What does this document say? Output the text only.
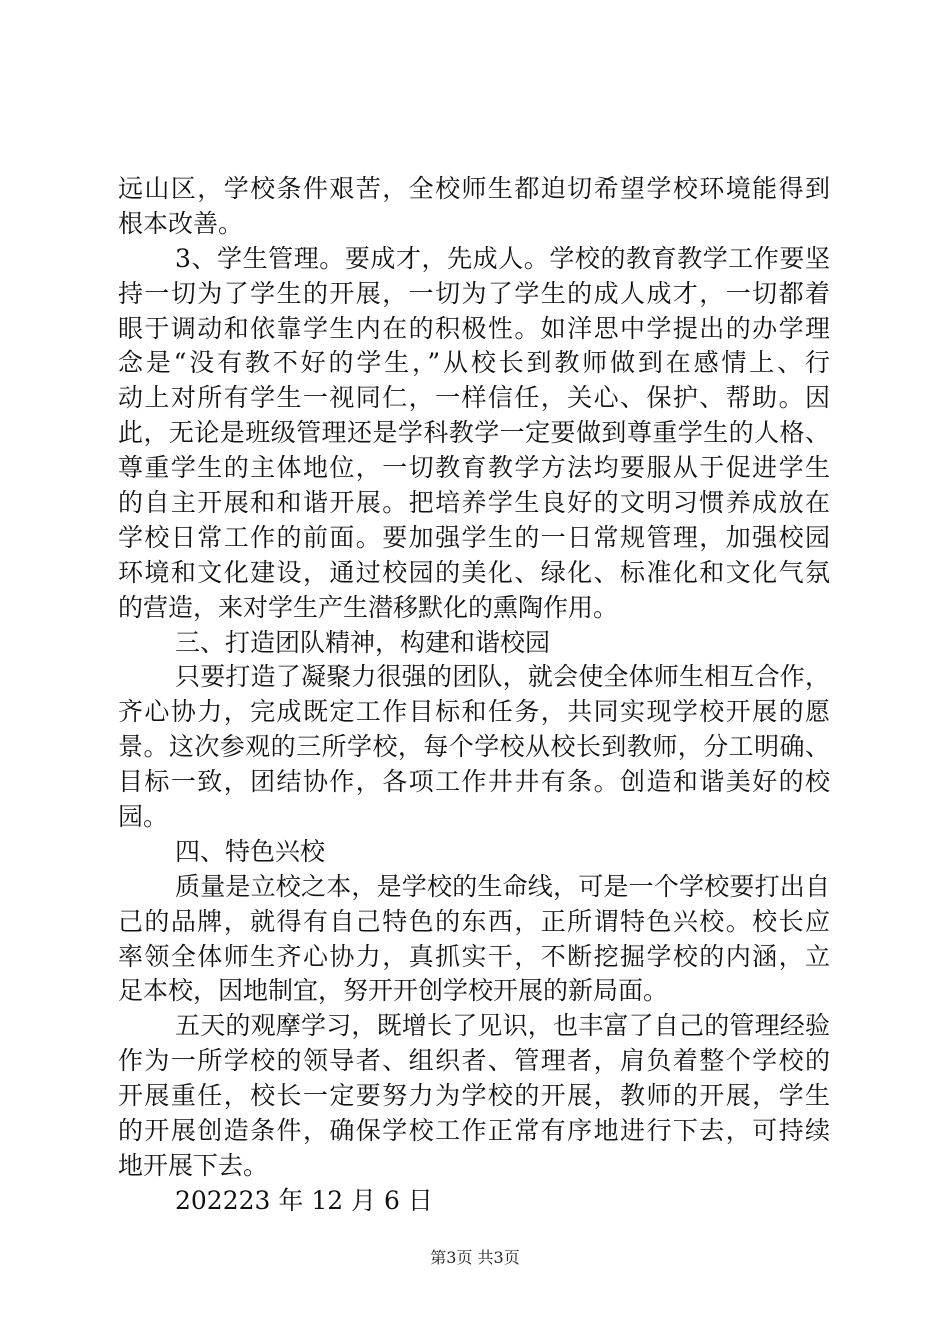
远山区，学校条件艰苦，全校师生都迫切希望学校环境能得到
根本改善。
3、学生管理。要成才，先成人。学校的教育教学工作要坚
持一切为了学生的开展，一切为了学生的成人成才，一切都着
眼于调动和依靠学生内在的积极性。如洋思中学提出的办学理
念是“没有教不好的学生，”从校长到教师做到在感情上、行
动上对所有学生一视同仁，一样信任，关心、保护、帮助。因
此，无论是班级管理还是学科教学一定要做到尊重学生的人格、
尊重学生的主体地位，一切教育教学方法均要服从于促进学生
的自主开展和和谐开展。把培养学生良好的文明习惯养成放在
学校日常工作的前面。要加强学生的一日常规管理，加强校园
环境和文化建设，通过校园的美化、绿化、标准化和文化气氛
的营造，来对学生产生潜移默化的熏陶作用。
三、打造团队精神，构建和谐校园
只要打造了凝聚力很强的团队，就会使全体师生相互合作，
齐心协力，完成既定工作目标和任务，共同实现学校开展的愿
景。这次参观的三所学校，每个学校从校长到教师，分工明确、
目标一致，团结协作，各项工作井井有条。创造和谐美好的校
园。
四、特色兴校
质量是立校之本，是学校的生命线，可是一个学校要打出自
己的品牌，就得有自己特色的东西，正所谓特色兴校。校长应
率领全体师生齐心协力，真抓实干，不断挖掘学校的内涵，立
足本校，因地制宜，努开开创学校开展的新局面。
五天的观摩学习，既增长了见识，也丰富了自己的管理经验
作为一所学校的领导者、组织者、管理者，肩负着整个学校的
开展重任，校长一定要努力为学校的开展，教师的开展，学生
的开展创造条件，确保学校工作正常有序地进行下去，可持续
地开展下去。
202223 年 12 月 6 日
第3页 共3页
